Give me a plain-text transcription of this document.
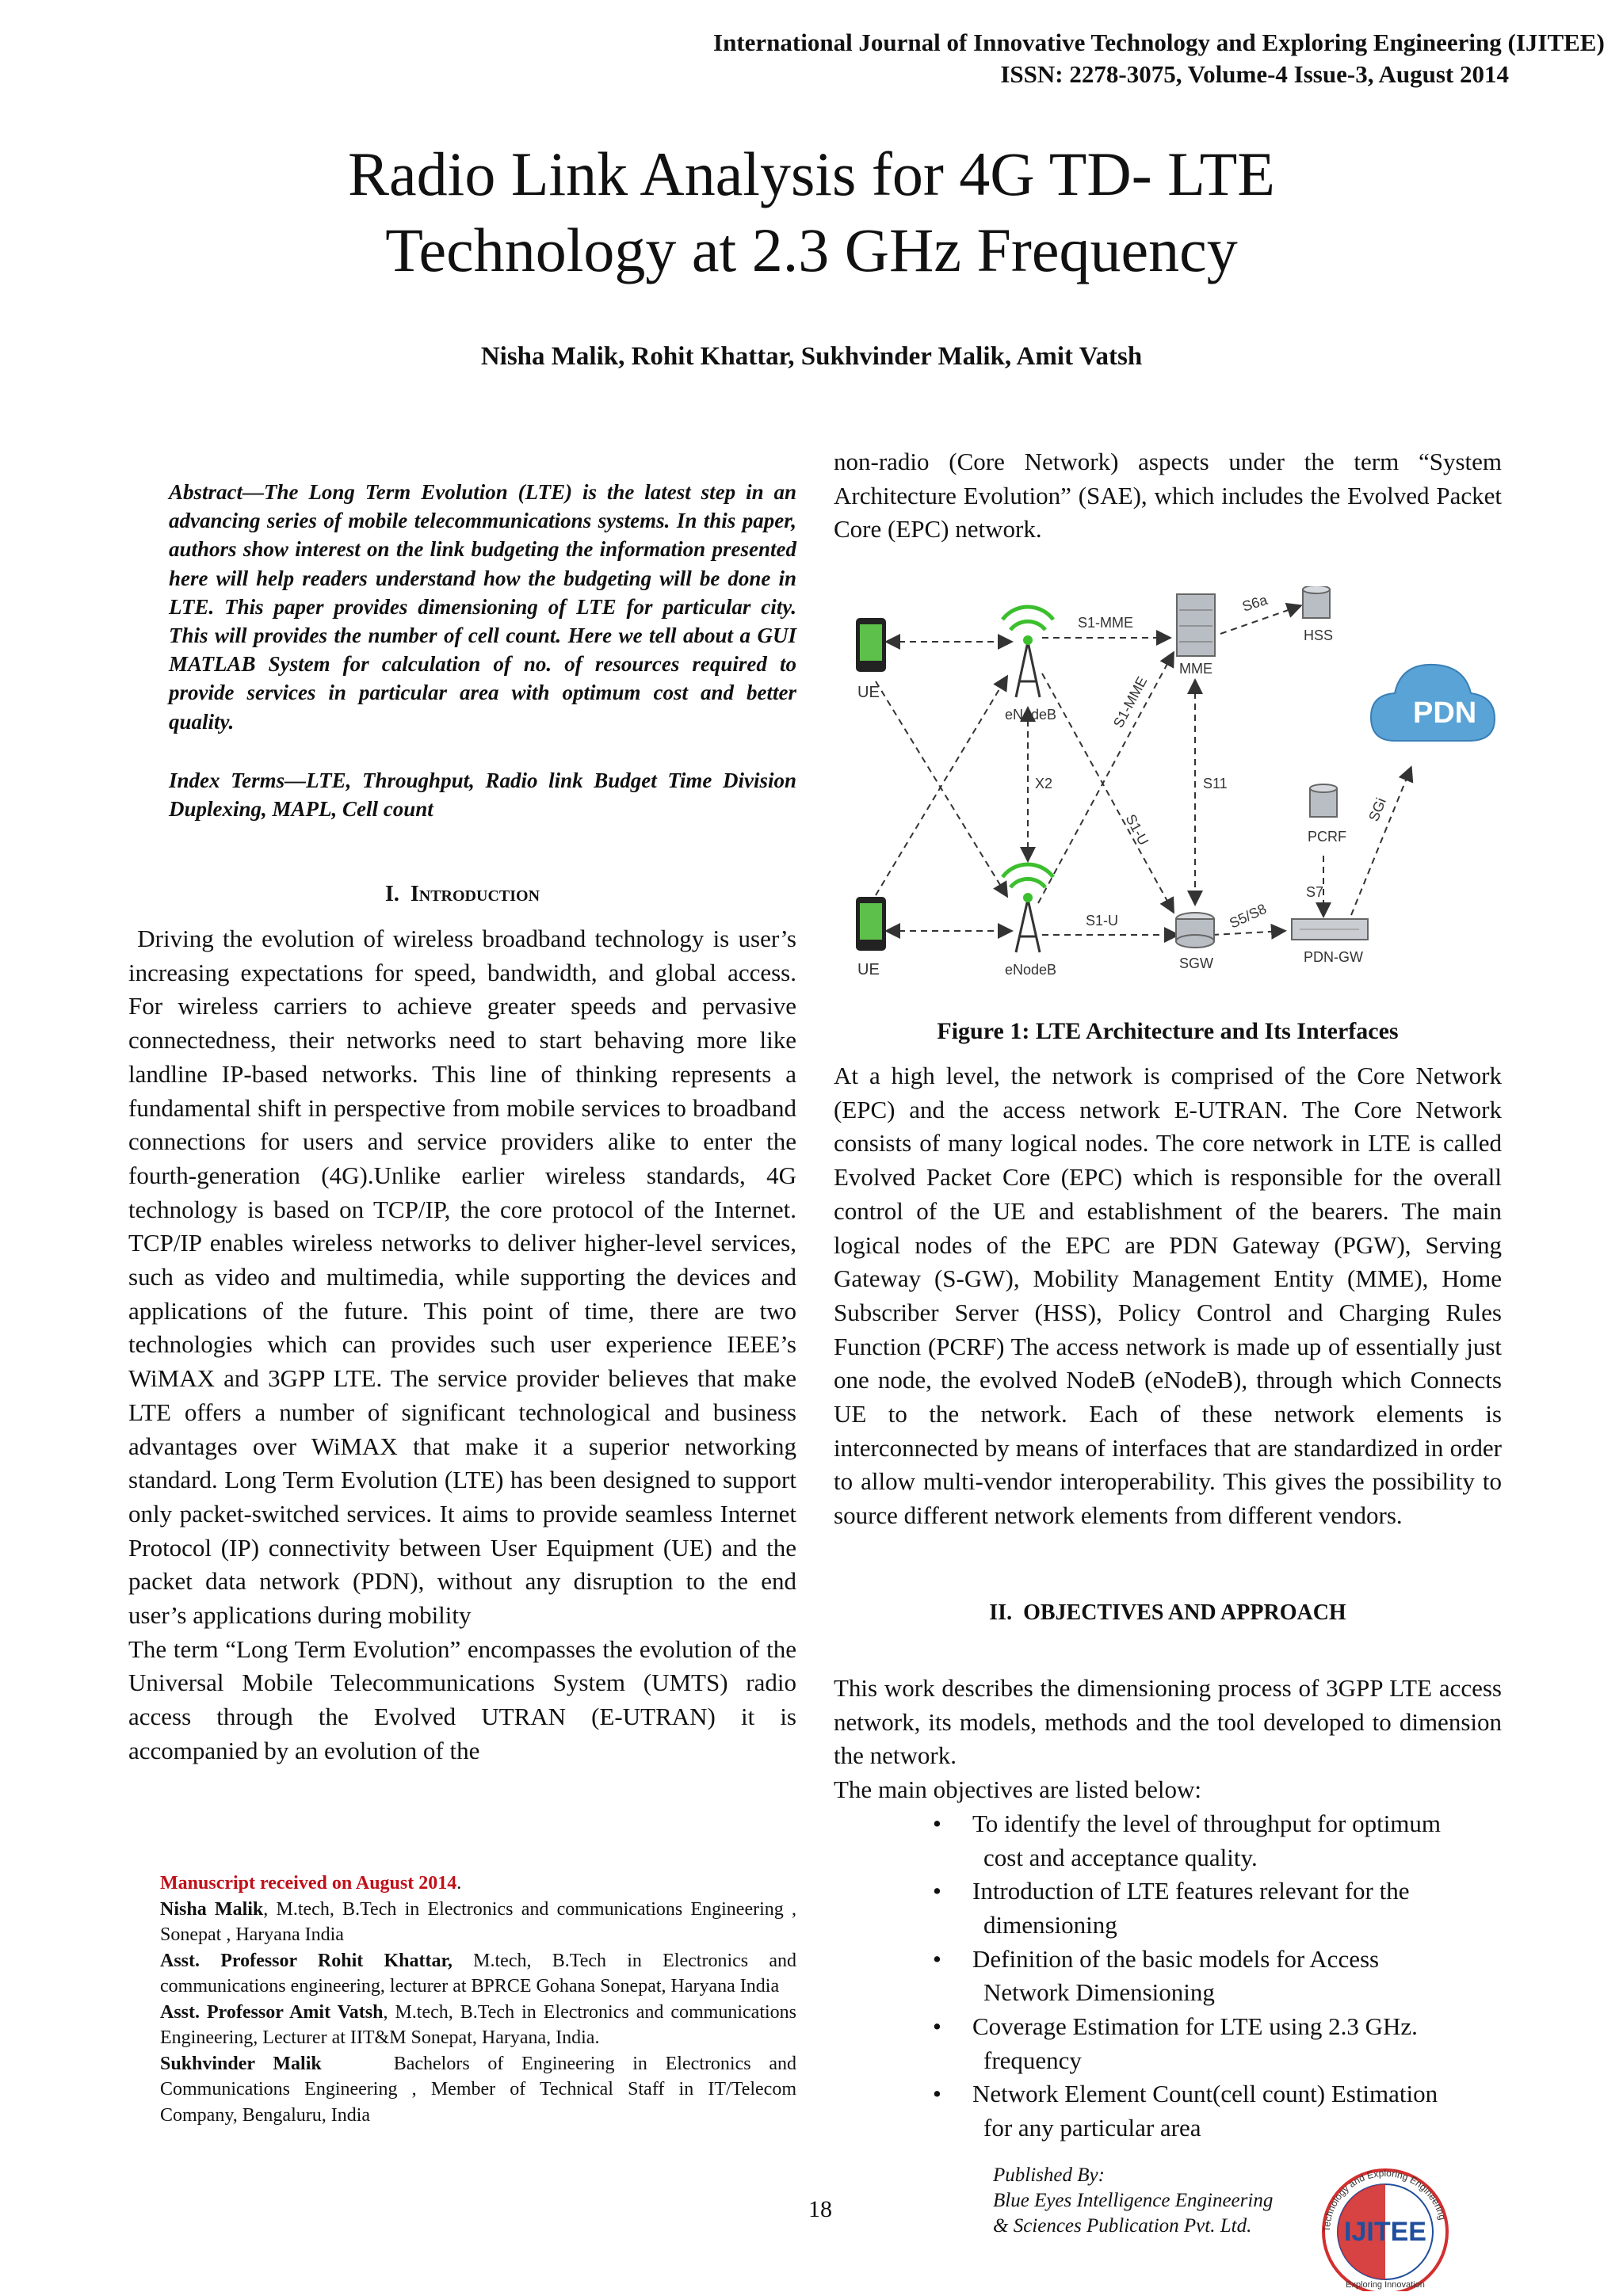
International Journal of Innovative Technology and Exploring Engineering (IJITEE)
ISSN: 2278-3075, Volume-4 Issue-3, August 2014
Radio Link Analysis for 4G TD- LTE
Technology at 2.3 GHz Frequency
Nisha Malik, Rohit Khattar, Sukhvinder Malik, Amit Vatsh

Abstract—The Long Term Evolution (LTE) is the latest step in an advancing series of mobile telecommunications systems. In this paper, authors show interest on the link budgeting the information presented here will help readers understand how the budgeting will be done in LTE. This paper provides dimensioning of LTE for particular city. This will provides the number of cell count. Here we tell about a GUI MATLAB System for calculation of no. of resources required to provide services in particular area with optimum cost and better quality.

Index Terms—LTE, Throughput, Radio link Budget Time Division Duplexing, MAPL, Cell count

I. Introduction

Driving the evolution of wireless broadband technology is user’s increasing expectations for speed, bandwidth, and global access. For wireless carriers to achieve greater speeds and pervasive connectedness, their networks need to start behaving more like landline IP-based networks. This line of thinking represents a fundamental shift in perspective from mobile services to broadband connections for users and service providers alike to enter the fourth-generation (4G).Unlike earlier wireless standards, 4G technology is based on TCP/IP, the core protocol of the Internet. TCP/IP enables wireless networks to deliver higher-level services, such as video and multimedia, while supporting the devices and applications of the future. This point of time, there are two technologies which can provides such user experience IEEE’s WiMAX and 3GPP LTE. The service provider believes that make LTE offers a number of significant technological and business advantages over WiMAX that make it a superior networking standard. Long Term Evolution (LTE) has been designed to support only packet-switched services. It aims to provide seamless Internet Protocol (IP) connectivity between User Equipment (UE) and the packet data network (PDN), without any disruption to the end user’s applications during mobility

The term “Long Term Evolution” encompasses the evolution of the Universal Mobile Telecommunications System (UMTS) radio access through the Evolved UTRAN (E-UTRAN) it is accompanied by an evolution of the

non-radio (Core Network) aspects under the term “System Architecture Evolution” (SAE), which includes the Evolved Packet Core (EPC) network.

UE
UE
eNodeB
eNodeB
MME
HSS
PDN
PCRF
SGW	PDN-GW
S1-MME
S1-MME
S1-U
S1-U
X2
S6a
S11
S5/S8
S7
SGi
Figure 1: LTE Architecture and Its Interfaces

At a high level, the network is comprised of the Core Network (EPC) and the access network E-UTRAN. The Core Network consists of many logical nodes. The core network in LTE is called Evolved Packet Core (EPC) which is responsible for the overall control of the UE and establishment of the bearers. The main logical nodes of the EPC are PDN Gateway (PGW), Serving Gateway (S-GW), Mobility Management Entity (MME), Home Subscriber Server (HSS), Policy Control and Charging Rules Function (PCRF) The access network is made up of essentially just one node, the evolved NodeB (eNodeB), through which Connects UE to the network. Each of these network elements is interconnected by means of interfaces that are standardized in order to allow multi-vendor interoperability. This gives the possibility to source different network elements from different vendors.

II. OBJECTIVES AND APPROACH

This work describes the dimensioning process of 3GPP LTE access network, its models, methods and the tool developed to dimension the network.

The main objectives are listed below:

• To identify the level of throughput for optimum
cost and acceptance quality.
• Introduction of LTE features relevant for the
dimensioning
• Definition of the basic models for Access
Network Dimensioning
• Coverage Estimation for LTE using 2.3 GHz.
frequency
• Network Element Count(cell count) Estimation
for any particular area

Manuscript received on August 2014.

Nisha Malik, M.tech, B.Tech in Electronics and communications Engineering , Sonepat , Haryana India

Asst. Professor Rohit Khattar, M.tech, B.Tech in Electronics and communications engineering, lecturer at BPRCE Gohana Sonepat, Haryana India

Asst. Professor Amit Vatsh, M.tech, B.Tech in Electronics and communications Engineering, Lecturer at IIT&M Sonepat, Haryana, India.

Sukhvinder Malik    Bachelors of Engineering in Electronics and Communications Engineering , Member of Technical Staff in IT/Telecom Company, Bengaluru, India

18
Published By:
Blue Eyes Intelligence Engineering
& Sciences Publication Pvt. Ltd.	Technology and Exploring Engineering
IJITEE
Exploring Innovation
